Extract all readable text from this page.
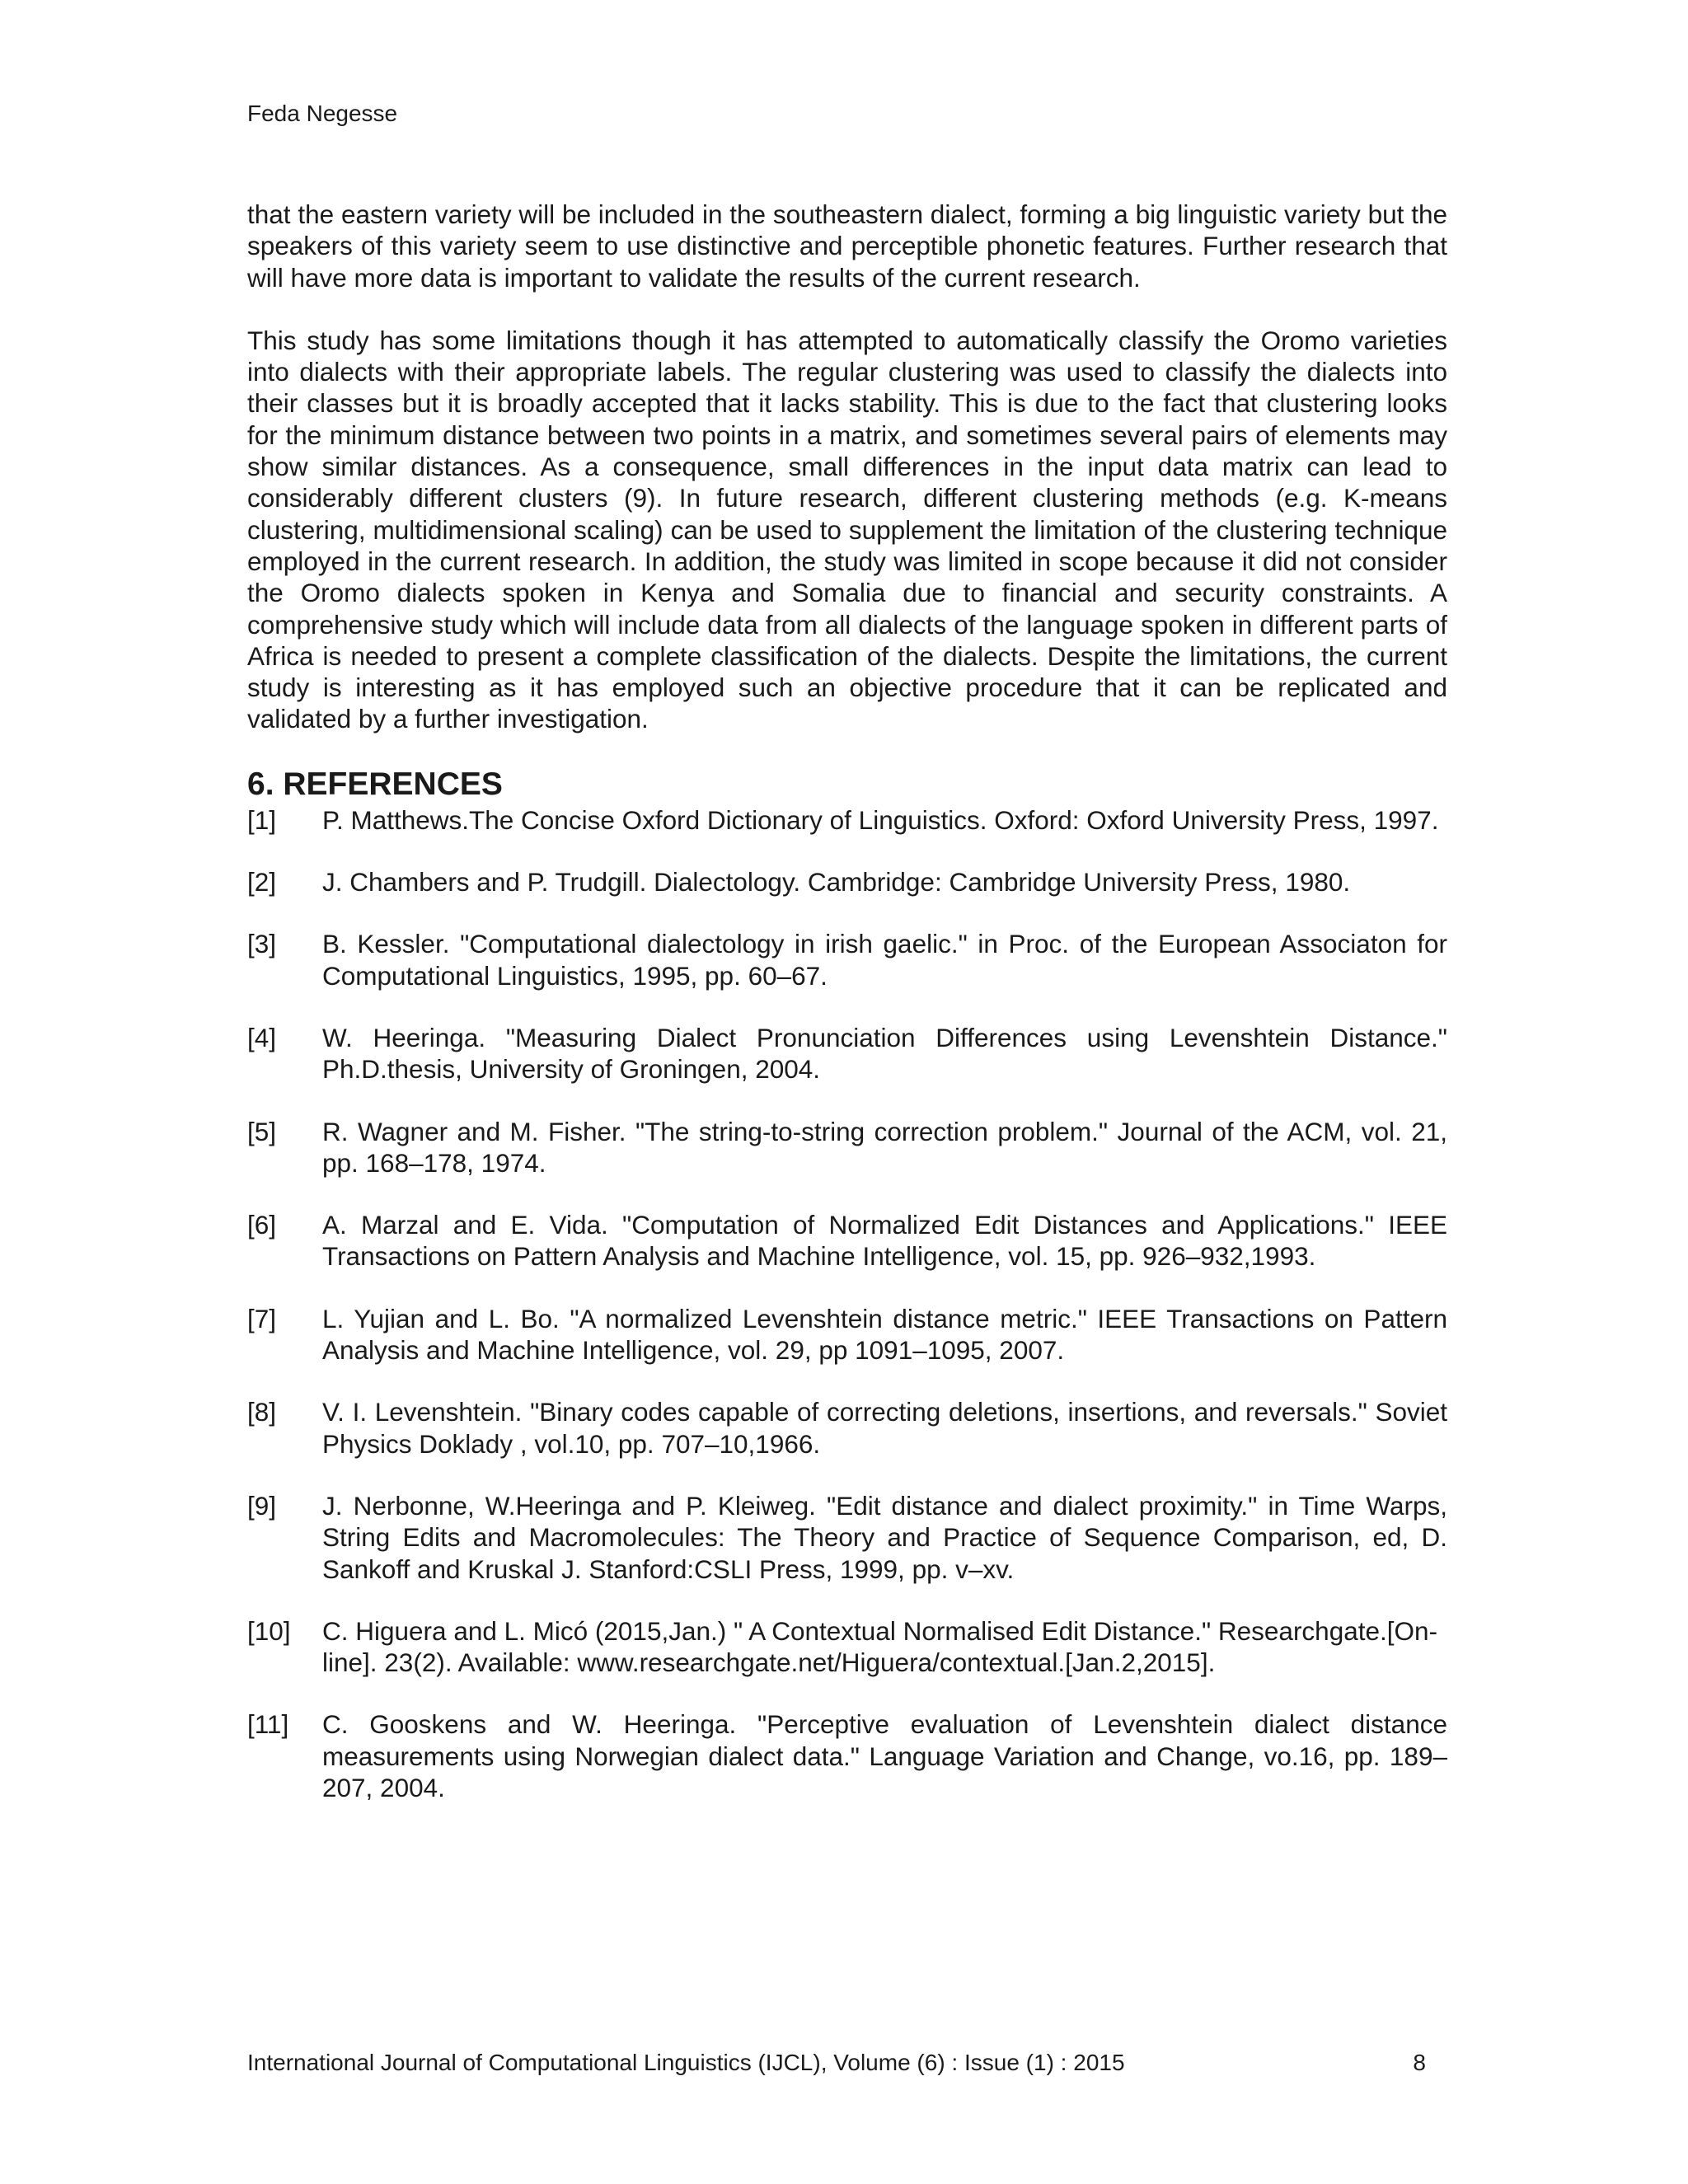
Feda Negesse

that the eastern variety will be included in the southeastern dialect, forming a big linguistic variety but the speakers of this variety seem to use distinctive and perceptible phonetic features. Further research that will have more data is important to validate the results of the current research.

This study has some limitations though it has attempted to automatically classify the Oromo varieties into dialects with their appropriate labels. The regular clustering was used to classify the dialects into their classes but it is broadly accepted that it lacks stability. This is due to the fact that clustering looks for the minimum distance between two points in a matrix, and sometimes several pairs of elements may show similar distances. As a consequence, small differences in the input data matrix can lead to considerably different clusters (9). In future research, different clustering methods (e.g. K-means clustering, multidimensional scaling) can be used to supplement the limitation of the clustering technique employed in the current research. In addition, the study was limited in scope because it did not consider the Oromo dialects spoken in Kenya and Somalia due to financial and security constraints. A comprehensive study which will include data from all dialects of the language spoken in different parts of Africa is needed to present a complete classification of the dialects. Despite the limitations, the current study is interesting as it has employed such an objective procedure that it can be replicated and validated by a further investigation.

6. REFERENCES
[1] P. Matthews.The Concise Oxford Dictionary of Linguistics. Oxford: Oxford University Press, 1997.
[2] J. Chambers and P. Trudgill. Dialectology. Cambridge: Cambridge University Press, 1980.
[3] B. Kessler. "Computational dialectology in irish gaelic." in Proc. of the European Associaton for Computational Linguistics, 1995, pp. 60–67.
[4] W. Heeringa. "Measuring Dialect Pronunciation Differences using Levenshtein Distance." Ph.D.thesis, University of Groningen, 2004.
[5] R. Wagner and M. Fisher. "The string-to-string correction problem." Journal of the ACM, vol. 21, pp. 168–178, 1974.
[6] A. Marzal and E. Vida. "Computation of Normalized Edit Distances and Applications." IEEE Transactions on Pattern Analysis and Machine Intelligence, vol. 15, pp. 926–932,1993.
[7] L. Yujian and L. Bo. "A normalized Levenshtein distance metric." IEEE Transactions on Pattern Analysis and Machine Intelligence, vol. 29, pp 1091–1095, 2007.
[8] V. I. Levenshtein. "Binary codes capable of correcting deletions, insertions, and reversals." Soviet Physics Doklady , vol.10, pp. 707–10,1966.
[9] J. Nerbonne, W.Heeringa and P. Kleiweg. "Edit distance and dialect proximity." in Time Warps, String Edits and Macromolecules: The Theory and Practice of Sequence Comparison, ed, D. Sankoff and Kruskal J. Stanford:CSLI Press, 1999, pp. v–xv.
[10] C. Higuera and L. Micó (2015,Jan.) " A Contextual Normalised Edit Distance." Researchgate.[On-line]. 23(2). Available: www.researchgate.net/Higuera/contextual.[Jan.2,2015].
[11] C. Gooskens and W. Heeringa. "Perceptive evaluation of Levenshtein dialect distance measurements using Norwegian dialect data." Language Variation and Change, vo.16, pp. 189–207, 2004.
International Journal of Computational Linguistics (IJCL), Volume (6) : Issue (1) : 2015	8
